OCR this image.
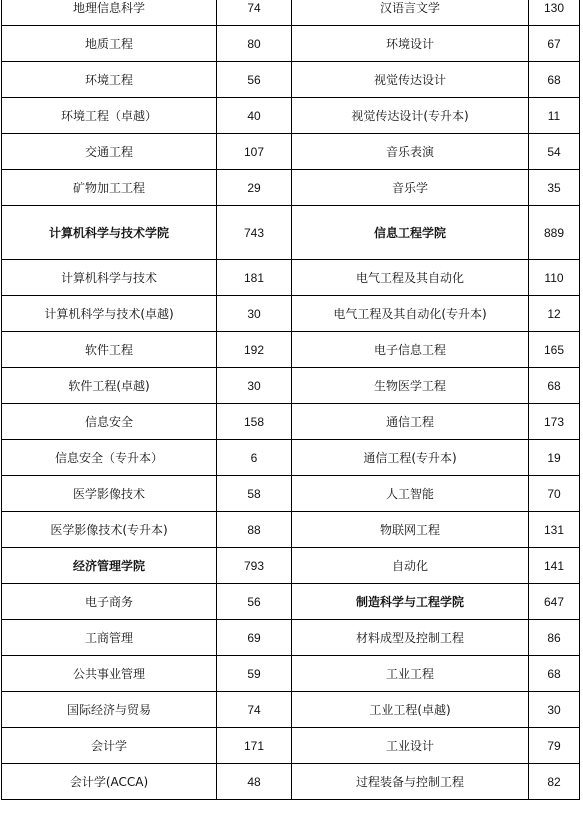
地理信息科学	74	汉语言文学	130
地质工程	80	环境设计	67
环境工程	56	视觉传达设计	68
环境工程（卓越）	40	视觉传达设计(专升本)	11
交通工程	107	音乐表演	54
矿物加工工程	29	音乐学	35
计算机科学与技术学院	743	信息工程学院	889
计算机科学与技术	181	电气工程及其自动化	110
计算机科学与技术(卓越)	30	电气工程及其自动化(专升本)	12
软件工程	192	电子信息工程	165
软件工程(卓越)	30	生物医学工程	68
信息安全	158	通信工程	173
信息安全（专升本）	6	通信工程(专升本)	19
医学影像技术	58	人工智能	70
医学影像技术(专升本)	88	物联网工程	131
经济管理学院	793	自动化	141
电子商务	56	制造科学与工程学院	647
工商管理	69	材料成型及控制工程	86
公共事业管理	59	工业工程	68
国际经济与贸易	74	工业工程(卓越)	30
会计学	171	工业设计	79
会计学(ACCA)	48	过程装备与控制工程	82
